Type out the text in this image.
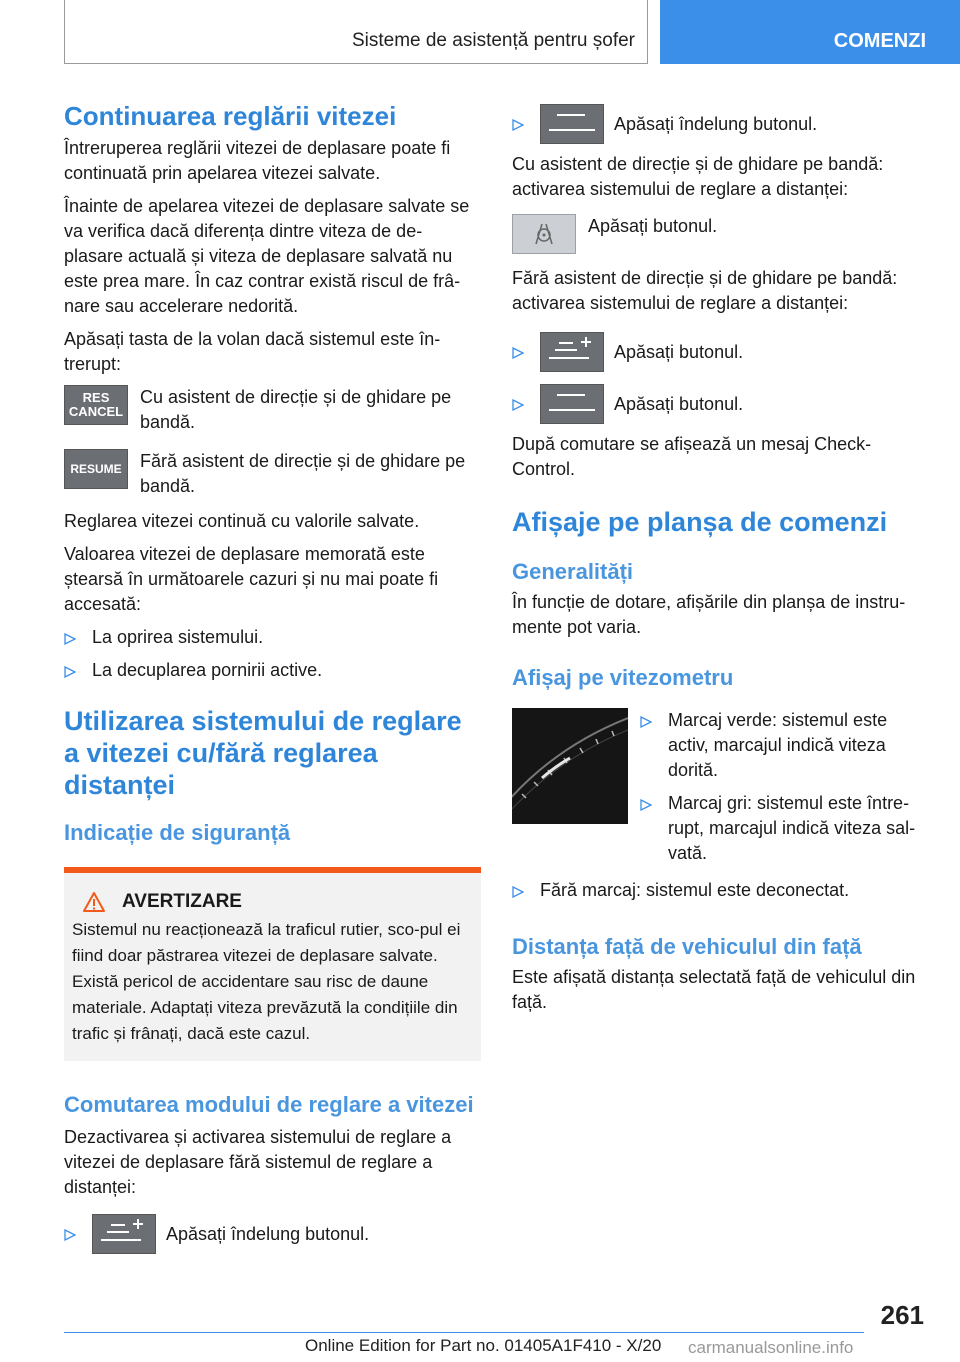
Sisteme de asistență pentru șofer	COMENZI
Continuarea reglării vitezei

Întreruperea reglării vitezei de deplasare poate fi continuată prin apelarea vitezei salvate.

Înainte de apelarea vitezei de deplasare salvate se va verifica dacă diferența dintre viteza de de-plasare actuală și viteza de deplasare salvată nu este prea mare. În caz contrar există riscul de frâ-nare sau accelerare nedorită.

Apăsați tasta de la volan dacă sistemul este în-trerupt:

RES CANCEL
Cu asistent de direcție și de ghidare pe bandă.
RESUME	Fără asistent de direcție și de ghidare pe bandă.

Reglarea vitezei continuă cu valorile salvate.

Valoarea vitezei de deplasare memorată este ștearsă în următoarele cazuri și nu mai poate fi accesată:

La oprirea sistemului.
La decuplarea pornirii active.
Utilizarea sistemului de reglare a vitezei cu/fără reglarea distanței
Indicație de siguranță
AVERTIZARE

Sistemul nu reacționează la traficul rutier, sco-pul ei fiind doar păstrarea vitezei de deplasare salvate. Există pericol de accidentare sau risc de daune materiale. Adaptați viteza prevăzută la condițiile din trafic și frânați, dacă este cazul.

Comutarea modului de reglare a vitezei

Dezactivarea și activarea sistemului de reglare a vitezei de deplasare fără sistemul de reglare a distanței:

Apăsați îndelung butonul.
Apăsați îndelung butonul.

Cu asistent de direcție și de ghidare pe bandă: activarea sistemului de reglare a distanței:

Apăsați butonul.

Fără asistent de direcție și de ghidare pe bandă: activarea sistemului de reglare a distanței:

Apăsați butonul.
Apăsați butonul.

După comutare se afișează un mesaj Check-Control.

Afișaje pe planșa de comenzi
Generalități

În funcție de dotare, afișările din planșa de instru-mente pot varia.

Afișaj pe vitezometru
Marcaj verde: sistemul este activ, marcajul indică viteza dorită.
Marcaj gri: sistemul este între-rupt, marcajul indică viteza sal-vată.
Fără marcaj: sistemul este deconectat.
Distanța față de vehiculul din față

Este afișată distanța selectată față de vehiculul din față.

261
Online Edition for Part no. 01405A1F410 - X/20 carmanualsonline.info
